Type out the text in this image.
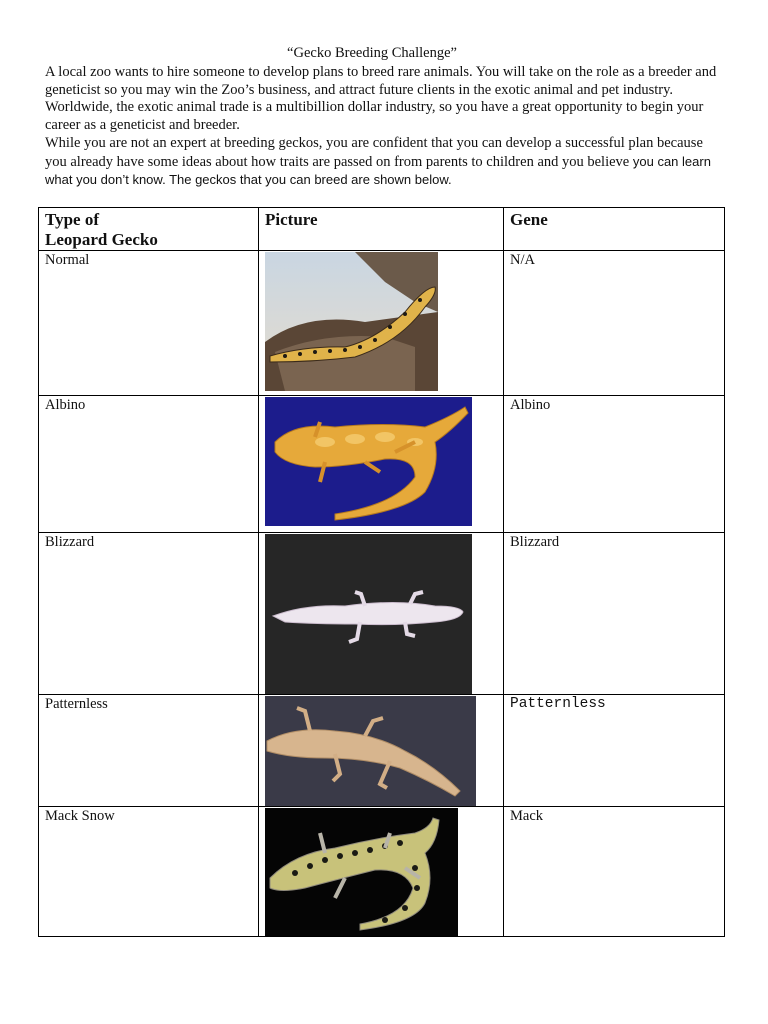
“Gecko Breeding Challenge”

A local zoo wants to hire someone to develop plans to breed rare animals. You will take on the role as a breeder and geneticist so you may win the Zoo’s business, and attract future clients in the exotic animal and pet industry. Worldwide, the exotic animal trade is a multibillion dollar industry, so you have a great opportunity to begin your career as a geneticist and breeder.

While you are not an expert at breeding geckos, you are confident that you can develop a successful plan because you already have some ideas about how traits are passed on from parents to children and you believe you can learn what you don’t know. The geckos that you can breed are shown below.

Type of
Leopard Gecko	Picture	Gene
Normal		N/A
Albino		Albino
Blizzard		Blizzard
Patternless		Patternless
Mack Snow		Mack
